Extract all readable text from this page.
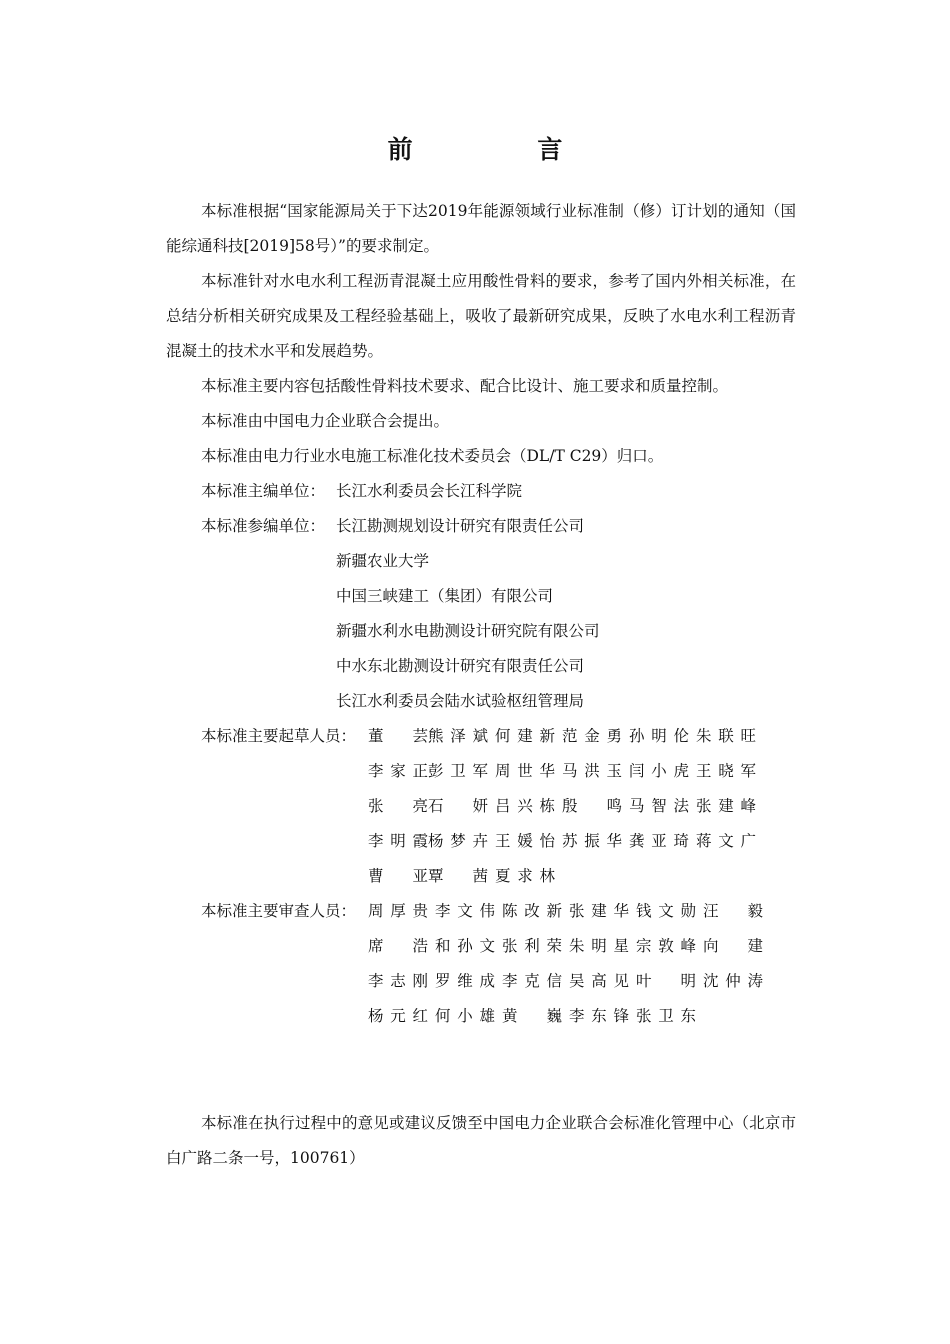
前 言

本标准根据“国家能源局关于下达2019年能源领域行业标准制（修）订计划的通知（国能综通科技[2019]58号）”的要求制定。

本标准针对水电水利工程沥青混凝土应用酸性骨料的要求，参考了国内外相关标准，在总结分析相关研究成果及工程经验基础上，吸收了最新研究成果，反映了水电水利工程沥青混凝土的技术水平和发展趋势。

本标准主要内容包括酸性骨料技术要求、配合比设计、施工要求和质量控制。

本标准由中国电力企业联合会提出。

本标准由电力行业水电施工标准化技术委员会（DL/T C29）归口。

本标准主编单位： 长江水利委员会长江科学院
本标准参编单位： 长江勘测规划设计研究有限责任公司
新疆农业大学
中国三峡建工（集团）有限公司
新疆水利水电勘测设计研究院有限公司
中水东北勘测设计研究有限责任公司
长江水利委员会陆水试验枢纽管理局
本标准主要起草人员： 董 芸 熊泽斌 何建新 范金勇 孙明伦 朱联旺
李家正 彭卫军 周世华 马洪玉 闫小虎 王晓军
张 亮 石 妍 吕兴栋 殷 鸣 马智法 张建峰
李明霞 杨梦卉 王媛怡 苏振华 龚亚琦 蒋文广
曹 亚 覃 茜 夏求林
本标准主要审查人员： 周厚贵 李文伟 陈改新 张建华 钱文勋 汪 毅
席 浩 和孙文 张利荣 朱明星 宗敦峰 向 建
李志刚 罗维成 李克信 吴高见 叶 明 沈仲涛
杨元红 何小雄 黄 巍 李东锋 张卫东

本标准在执行过程中的意见或建议反馈至中国电力企业联合会标准化管理中心（北京市白广路二条一号，100761）
